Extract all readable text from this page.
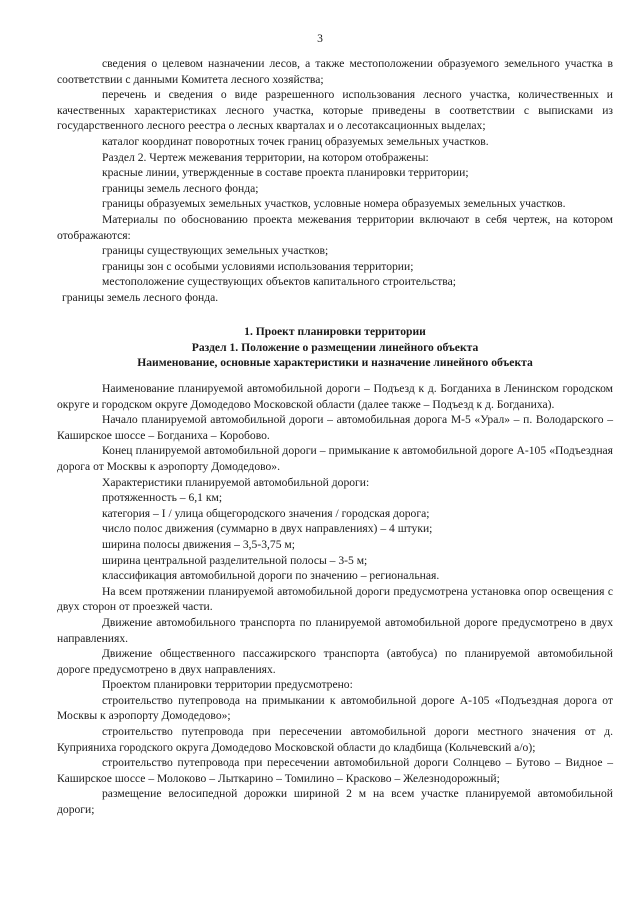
3

сведения о целевом назначении лесов, а также местоположении образуемого земельного участка в соответствии с данными Комитета лесного хозяйства;

перечень и сведения о виде разрешенного использования лесного участка, количественных и качественных характеристиках лесного участка, которые приведены в соответствии с выписками из государственного лесного реестра о лесных кварталах и о лесотаксационных выделах;

каталог координат поворотных точек границ образуемых земельных участков.

Раздел 2. Чертеж межевания территории, на котором отображены:

красные линии, утвержденные в составе проекта планировки территории;

границы земель лесного фонда;

границы образуемых земельных участков, условные номера образуемых земельных участков.

Материалы по обоснованию проекта межевания территории включают в себя чертеж, на котором отображаются:

границы существующих земельных участков;

границы зон с особыми условиями использования территории;

местоположение существующих объектов капитального строительства;

границы земель лесного фонда.

1. Проект планировки территории

Раздел 1. Положение о размещении линейного объекта

Наименование, основные характеристики и назначение линейного объекта

Наименование планируемой автомобильной дороги – Подъезд к д. Богданиха в Ленинском городском округе и городском округе Домодедово Московской области (далее также – Подъезд к д. Богданиха).

Начало планируемой автомобильной дороги – автомобильная дорога М-5 «Урал» – п. Володарского – Каширское шоссе – Богданиха – Коробово.

Конец планируемой автомобильной дороги – примыкание к автомобильной дороге А-105 «Подъездная дорога от Москвы к аэропорту Домодедово».

Характеристики планируемой автомобильной дороги:

протяженность – 6,1 км;

категория – I / улица общегородского значения / городская дорога;

число полос движения (суммарно в двух направлениях) – 4 штуки;

ширина полосы движения – 3,5-3,75 м;

ширина центральной разделительной полосы – 3-5 м;

классификация автомобильной дороги по значению – региональная.

На всем протяжении планируемой автомобильной дороги предусмотрена установка опор освещения с двух сторон от проезжей части.

Движение автомобильного транспорта по планируемой автомобильной дороге предусмотрено в двух направлениях.

Движение общественного пассажирского транспорта (автобуса) по планируемой автомобильной дороге предусмотрено в двух направлениях.

Проектом планировки территории предусмотрено:

строительство путепровода на примыкании к автомобильной дороге А-105 «Подъездная дорога от Москвы к аэропорту Домодедово»;

строительство путепровода при пересечении автомобильной дороги местного значения от д. Куприяниха городского округа Домодедово Московской области до кладбища (Кольчевский а/о);

строительство путепровода при пересечении автомобильной дороги Солнцево – Бутово – Видное – Каширское шоссе – Молоково – Лыткарино – Томилино – Красково – Железнодорожный;

размещение велосипедной дорожки шириной 2 м на всем участке планируемой автомобильной дороги;
